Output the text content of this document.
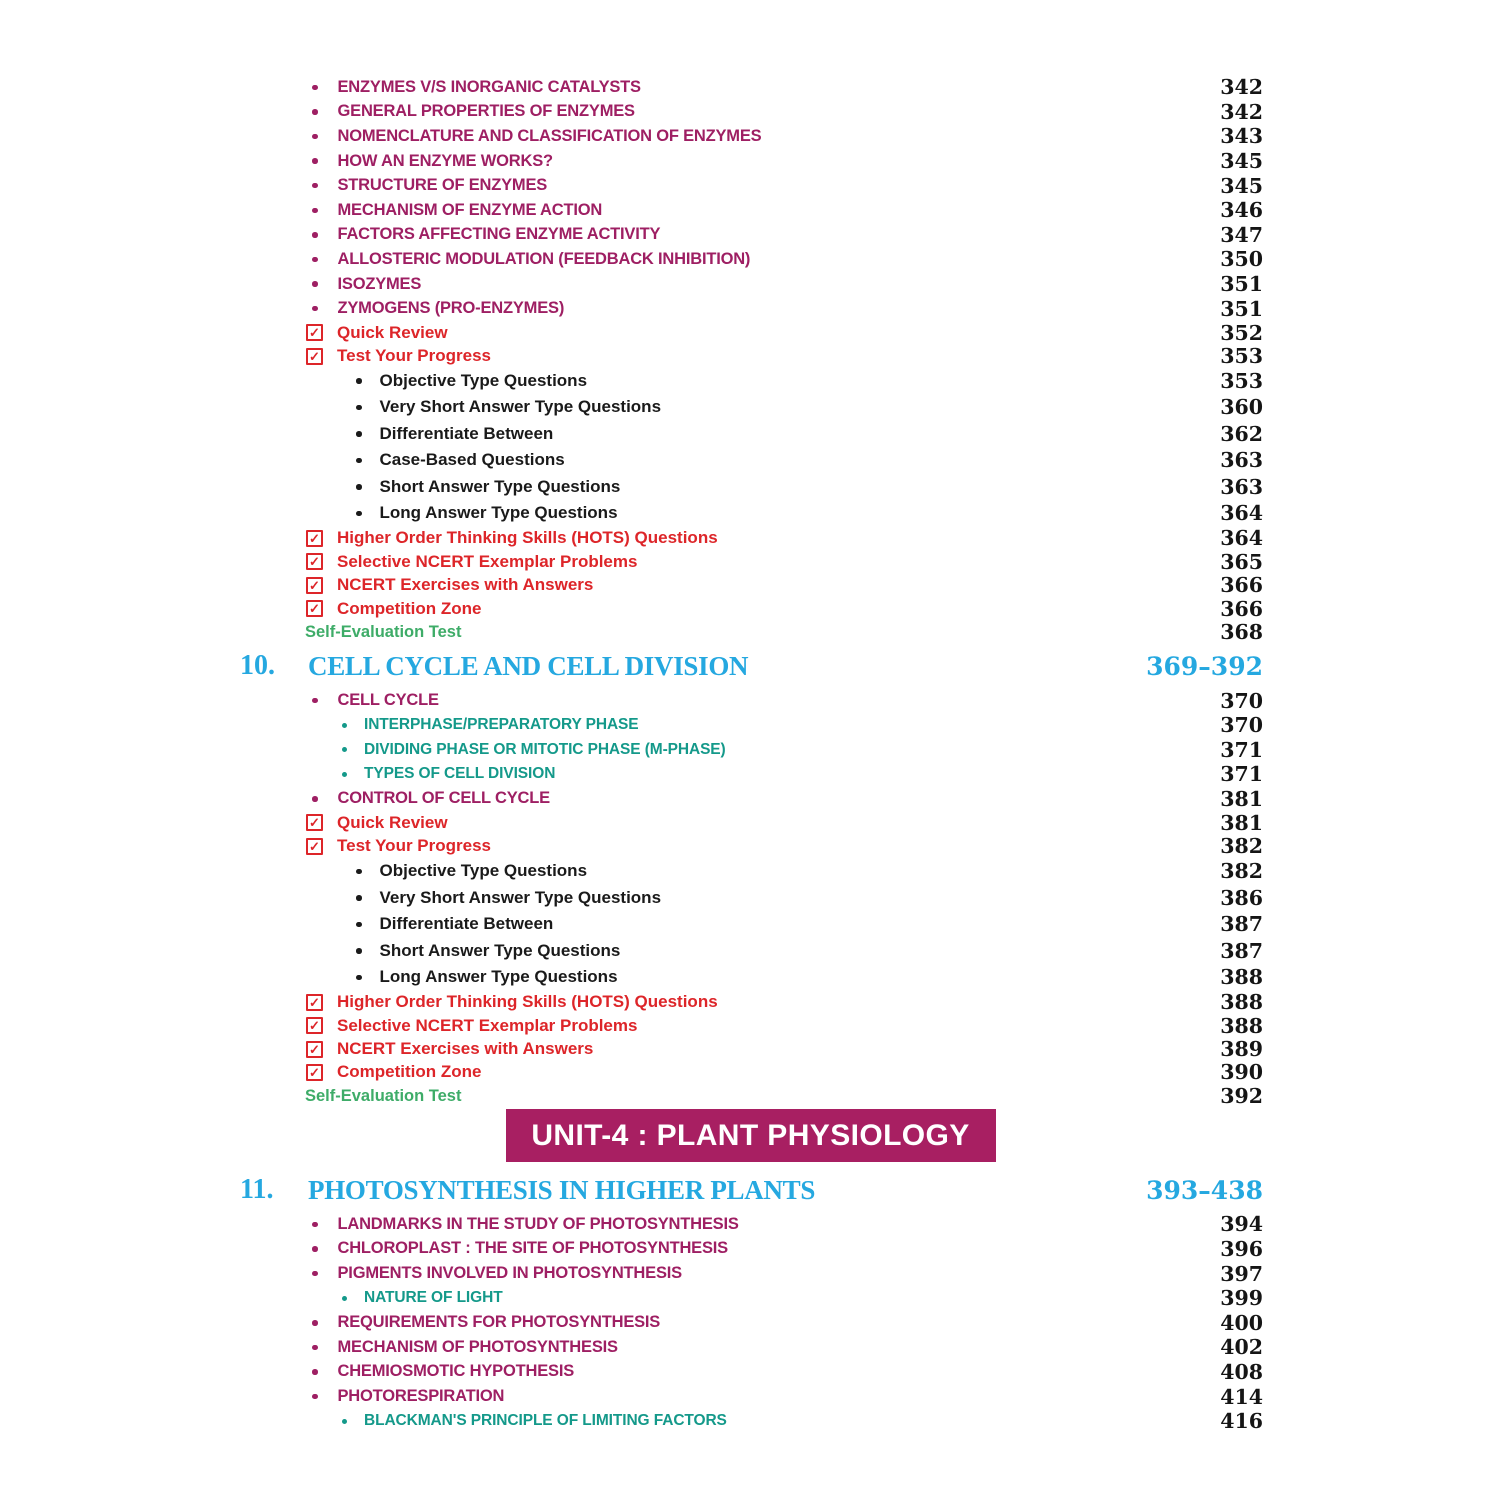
ENZYMES V/S INORGANIC CATALYSTS	342
GENERAL PROPERTIES OF ENZYMES	342
NOMENCLATURE AND CLASSIFICATION OF ENZYMES	343
HOW AN ENZYME WORKS?	345
STRUCTURE OF ENZYMES	345
MECHANISM OF ENZYME ACTION	346
FACTORS AFFECTING ENZYME ACTIVITY	347
ALLOSTERIC MODULATION (FEEDBACK INHIBITION)	350
ISOZYMES	351
ZYMOGENS (PRO-ENZYMES)	351
✓ Quick Review	352
✓ Test Your Progress	353
Objective Type Questions	353
Very Short Answer Type Questions	360
Differentiate Between	362
Case-Based Questions	363
Short Answer Type Questions	363
Long Answer Type Questions	364
✓ Higher Order Thinking Skills (HOTS) Questions	364
✓ Selective NCERT Exemplar Problems	365
✓ NCERT Exercises with Answers	366
✓ Competition Zone	366
Self-Evaluation Test	368
10.	CELL CYCLE AND CELL DIVISION	369–392
CELL CYCLE	370
INTERPHASE/PREPARATORY PHASE	370
DIVIDING PHASE OR MITOTIC PHASE (M-PHASE)	371
TYPES OF CELL DIVISION	371
CONTROL OF CELL CYCLE	381
✓ Quick Review	381
✓ Test Your Progress	382
Objective Type Questions	382
Very Short Answer Type Questions	386
Differentiate Between	387
Short Answer Type Questions	387
Long Answer Type Questions	388
✓ Higher Order Thinking Skills (HOTS) Questions	388
✓ Selective NCERT Exemplar Problems	388
✓ NCERT Exercises with Answers	389
✓ Competition Zone	390
Self-Evaluation Test	392
UNIT-4 : PLANT PHYSIOLOGY
11.	PHOTOSYNTHESIS IN HIGHER PLANTS	393–438
LANDMARKS IN THE STUDY OF PHOTOSYNTHESIS	394
CHLOROPLAST : THE SITE OF PHOTOSYNTHESIS	396
PIGMENTS INVOLVED IN PHOTOSYNTHESIS	397
NATURE OF LIGHT	399
REQUIREMENTS FOR PHOTOSYNTHESIS	400
MECHANISM OF PHOTOSYNTHESIS	402
CHEMIOSMOTIC HYPOTHESIS	408
PHOTORESPIRATION	414
BLACKMAN'S PRINCIPLE OF LIMITING FACTORS	416
